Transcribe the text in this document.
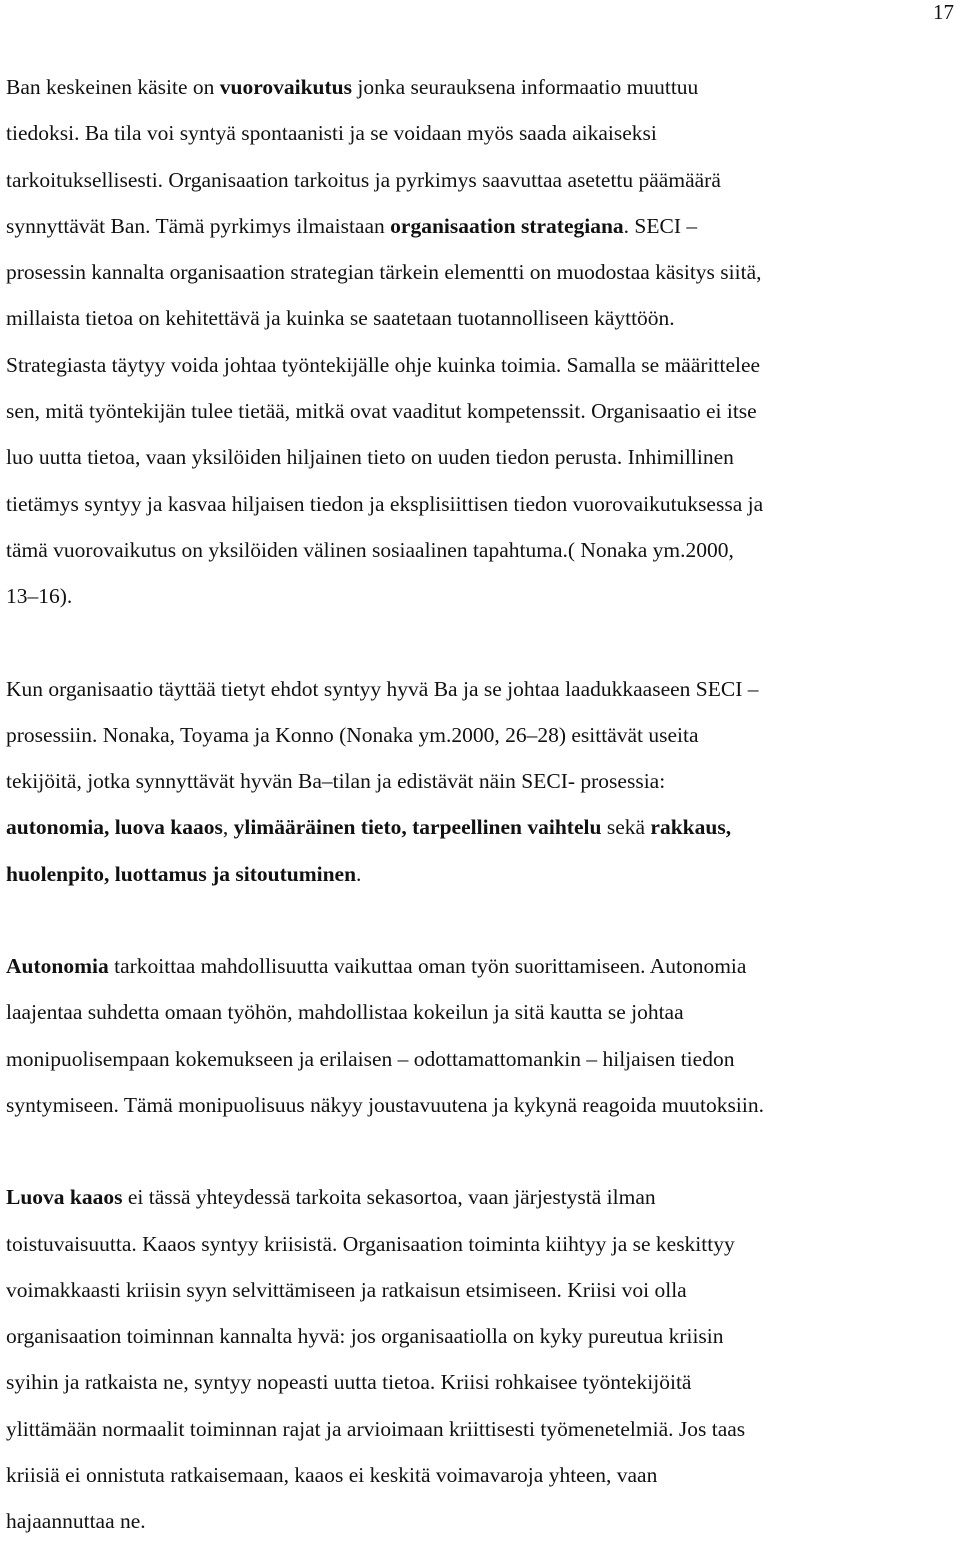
17
Ban keskeinen käsite on vuorovaikutus jonka seurauksena informaatio muuttuu
tiedoksi. Ba tila voi syntyä spontaanisti ja se voidaan myös saada aikaiseksi
tarkoituksellisesti. Organisaation tarkoitus ja pyrkimys saavuttaa asetettu päämäärä
synnyttävät Ban. Tämä pyrkimys ilmaistaan organisaation strategiana. SECI –
prosessin kannalta organisaation strategian tärkein elementti on muodostaa käsitys siitä,
millaista tietoa on kehitettävä ja kuinka se saatetaan tuotannolliseen käyttöön.
Strategiasta täytyy voida johtaa työntekijälle ohje kuinka toimia. Samalla se määrittelee
sen, mitä työntekijän tulee tietää, mitkä ovat vaaditut kompetenssit. Organisaatio ei itse
luo uutta tietoa, vaan yksilöiden hiljainen tieto on uuden tiedon perusta. Inhimillinen
tietämys syntyy ja kasvaa hiljaisen tiedon ja eksplisiittisen tiedon vuorovaikutuksessa ja
tämä vuorovaikutus on yksilöiden välinen sosiaalinen tapahtuma.( Nonaka ym.2000,
13–16).
Kun organisaatio täyttää tietyt ehdot syntyy hyvä Ba ja se johtaa laadukkaaseen SECI –
prosessiin. Nonaka, Toyama ja Konno (Nonaka ym.2000, 26–28) esittävät useita
tekijöitä, jotka synnyttävät hyvän Ba–tilan ja edistävät näin SECI- prosessia:
autonomia, luova kaaos, ylimääräinen tieto, tarpeellinen vaihtelu sekä rakkaus,
huolenpito, luottamus ja sitoutuminen.
Autonomia tarkoittaa mahdollisuutta vaikuttaa oman työn suorittamiseen. Autonomia
laajentaa suhdetta omaan työhön, mahdollistaa kokeilun ja sitä kautta se johtaa
monipuolisempaan kokemukseen ja erilaisen – odottamattomankin – hiljaisen tiedon
syntymiseen. Tämä monipuolisuus näkyy joustavuutena ja kykynä reagoida muutoksiin.
Luova kaaos ei tässä yhteydessä tarkoita sekasortoa, vaan järjestystä ilman
toistuvaisuutta. Kaaos syntyy kriisistä. Organisaation toiminta kiihtyy ja se keskittyy
voimakkaasti kriisin syyn selvittämiseen ja ratkaisun etsimiseen. Kriisi voi olla
organisaation toiminnan kannalta hyvä: jos organisaatiolla on kyky pureutua kriisin
syihin ja ratkaista ne, syntyy nopeasti uutta tietoa. Kriisi rohkaisee työntekijöitä
ylittämään normaalit toiminnan rajat ja arvioimaan kriittisesti työmenetelmiä. Jos taas
kriisiä ei onnistuta ratkaisemaan, kaaos ei keskitä voimavaroja yhteen, vaan
hajaannuttaa ne.
